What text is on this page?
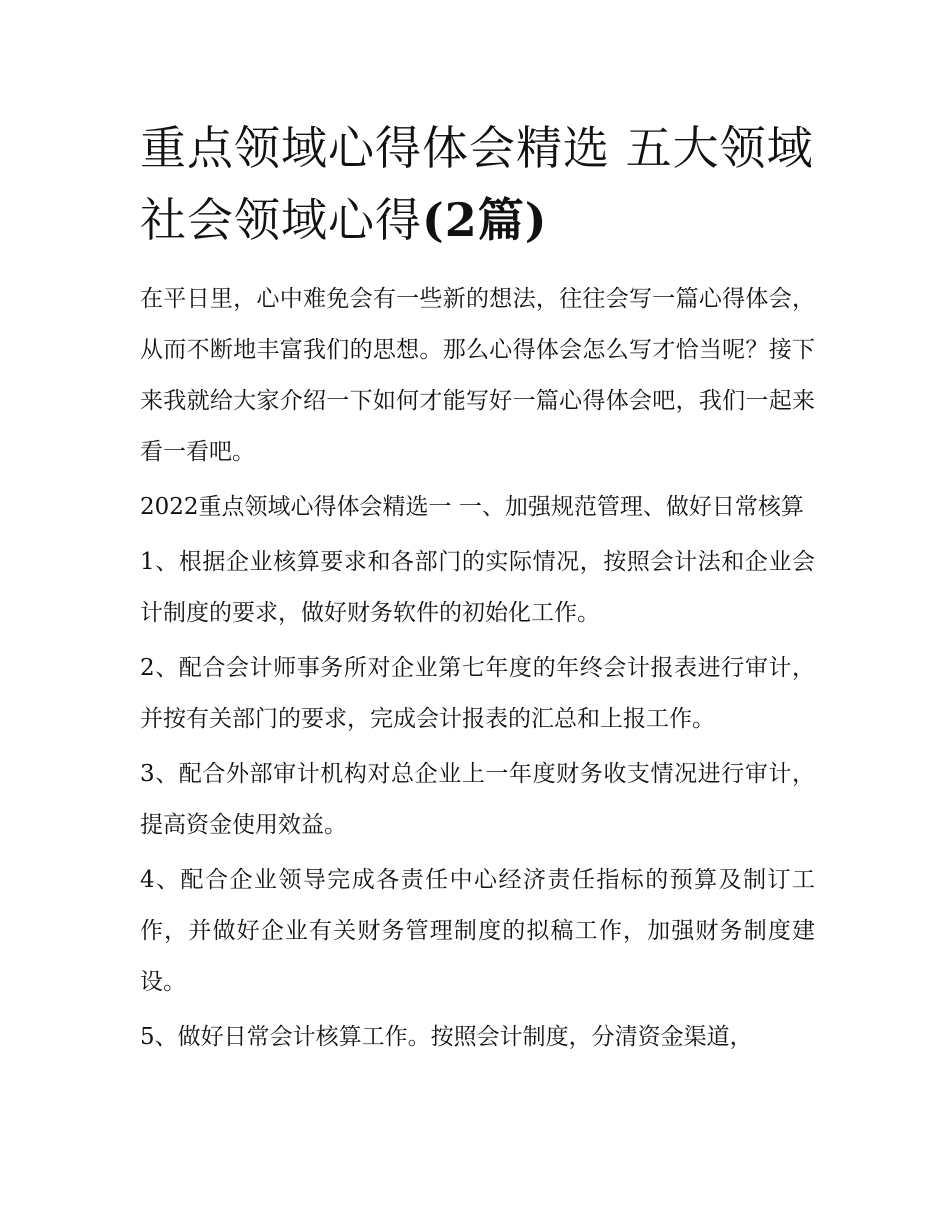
重点领域心得体会精选 五大领域社会领域心得(2篇)

在平日里，心中难免会有一些新的想法，往往会写一篇心得体会，从而不断地丰富我们的思想。那么心得体会怎么写才恰当呢？接下来我就给大家介绍一下如何才能写好一篇心得体会吧，我们一起来看一看吧。

2022重点领域心得体会精选一 一、加强规范管理、做好日常核算

1、根据企业核算要求和各部门的实际情况，按照会计法和企业会计制度的要求，做好财务软件的初始化工作。

2、配合会计师事务所对企业第七年度的年终会计报表进行审计，并按有关部门的要求，完成会计报表的汇总和上报工作。

3、配合外部审计机构对总企业上一年度财务收支情况进行审计，提高资金使用效益。

4、配合企业领导完成各责任中心经济责任指标的预算及制订工作，并做好企业有关财务管理制度的拟稿工作，加强财务制度建设。

5、做好日常会计核算工作。按照会计制度，分清资金渠道，
